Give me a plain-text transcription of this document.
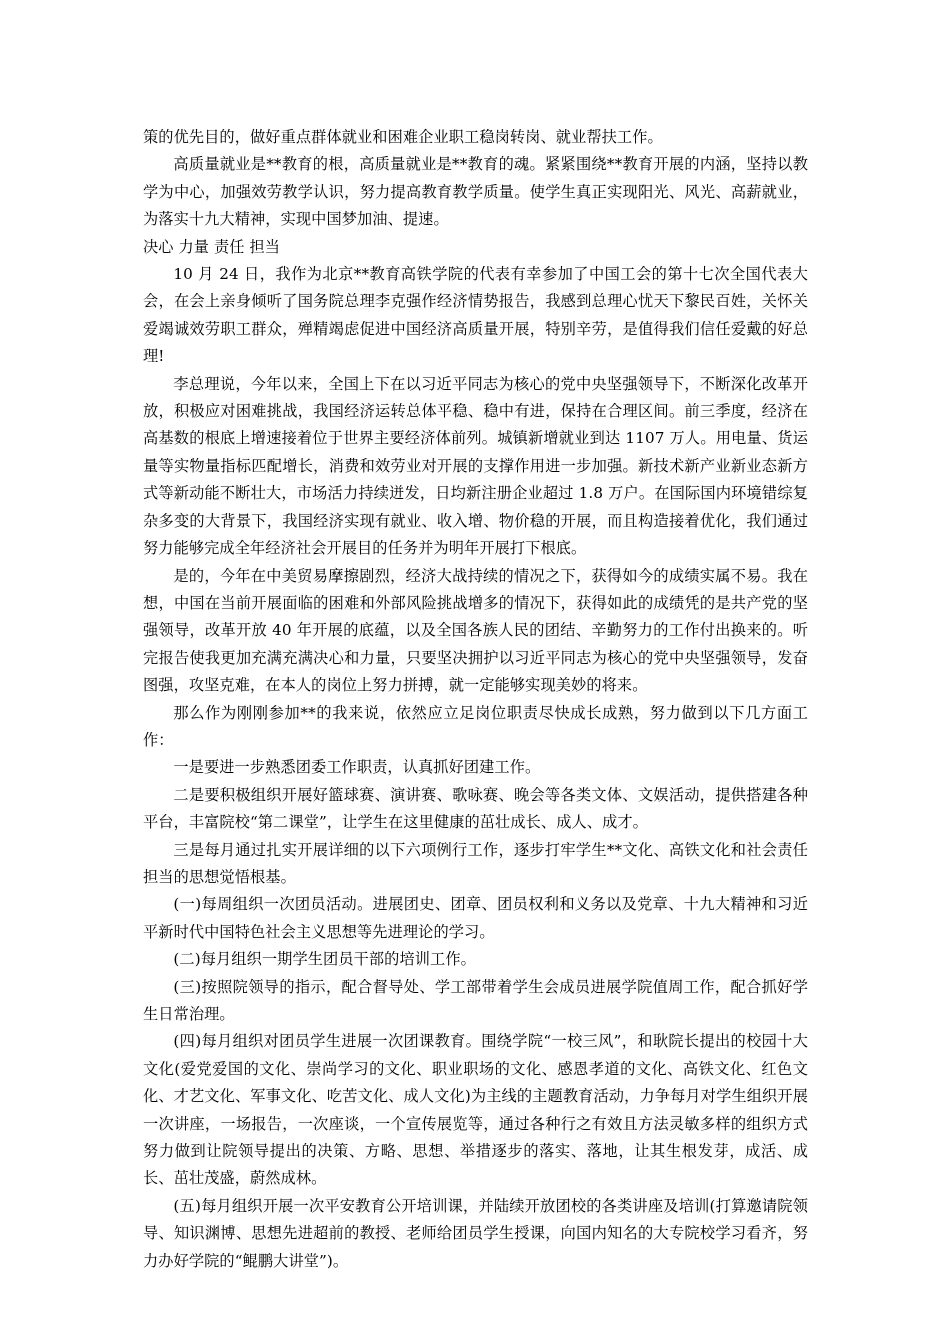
策的优先目的，做好重点群体就业和困难企业职工稳岗转岗、就业帮扶工作。

高质量就业是**教育的根，高质量就业是**教育的魂。紧紧围绕**教育开展的内涵，坚持以教学为中心，加强效劳教学认识，努力提高教育教学质量。使学生真正实现阳光、风光、高薪就业，为落实十九大精神，实现中国梦加油、提速。

决心 力量 责任 担当

10 月 24 日，我作为北京**教育高铁学院的代表有幸参加了中国工会的第十七次全国代表大会，在会上亲身倾听了国务院总理李克强作经济情势报告，我感到总理心忧天下黎民百姓，关怀关爱竭诚效劳职工群众，殚精竭虑促进中国经济高质量开展，特别辛劳，是值得我们信任爱戴的好总理!

李总理说，今年以来，全国上下在以习近平同志为核心的党中央坚强领导下，不断深化改革开放，积极应对困难挑战，我国经济运转总体平稳、稳中有进，保持在合理区间。前三季度，经济在高基数的根底上增速接着位于世界主要经济体前列。城镇新增就业到达 1107 万人。用电量、货运量等实物量指标匹配增长，消费和效劳业对开展的支撑作用进一步加强。新技术新产业新业态新方式等新动能不断壮大，市场活力持续迸发，日均新注册企业超过 1.8 万户。在国际国内环境错综复杂多变的大背景下，我国经济实现有就业、收入增、物价稳的开展，而且构造接着优化，我们通过努力能够完成全年经济社会开展目的任务并为明年开展打下根底。

是的，今年在中美贸易摩擦剧烈，经济大战持续的情况之下，获得如今的成绩实属不易。我在想，中国在当前开展面临的困难和外部风险挑战增多的情况下，获得如此的成绩凭的是共产党的坚强领导，改革开放 40 年开展的底蕴，以及全国各族人民的团结、辛勤努力的工作付出换来的。听完报告使我更加充满充满决心和力量，只要坚决拥护以习近平同志为核心的党中央坚强领导，发奋图强，攻坚克难，在本人的岗位上努力拼搏，就一定能够实现美妙的将来。

那么作为刚刚参加**的我来说，依然应立足岗位职责尽快成长成熟，努力做到以下几方面工作：

一是要进一步熟悉团委工作职责，认真抓好团建工作。

二是要积极组织开展好篮球赛、演讲赛、歌咏赛、晚会等各类文体、文娱活动，提供搭建各种平台，丰富院校“第二课堂”，让学生在这里健康的茁壮成长、成人、成才。

三是每月通过扎实开展详细的以下六项例行工作，逐步打牢学生**文化、高铁文化和社会责任担当的思想觉悟根基。

(一)每周组织一次团员活动。进展团史、团章、团员权利和义务以及党章、十九大精神和习近平新时代中国特色社会主义思想等先进理论的学习。

(二)每月组织一期学生团员干部的培训工作。

(三)按照院领导的指示，配合督导处、学工部带着学生会成员进展学院值周工作，配合抓好学生日常治理。

(四)每月组织对团员学生进展一次团课教育。围绕学院“一校三风”，和耿院长提出的校园十大文化(爱党爱国的文化、崇尚学习的文化、职业职场的文化、感恩孝道的文化、高铁文化、红色文化、才艺文化、军事文化、吃苦文化、成人文化)为主线的主题教育活动，力争每月对学生组织开展一次讲座，一场报告，一次座谈，一个宣传展览等，通过各种行之有效且方法灵敏多样的组织方式努力做到让院领导提出的决策、方略、思想、举措逐步的落实、落地，让其生根发芽，成活、成长、茁壮茂盛，蔚然成林。

(五)每月组织开展一次平安教育公开培训课，并陆续开放团校的各类讲座及培训(打算邀请院领导、知识渊博、思想先进超前的教授、老师给团员学生授课，向国内知名的大专院校学习看齐，努力办好学院的“鲲鹏大讲堂”)。
